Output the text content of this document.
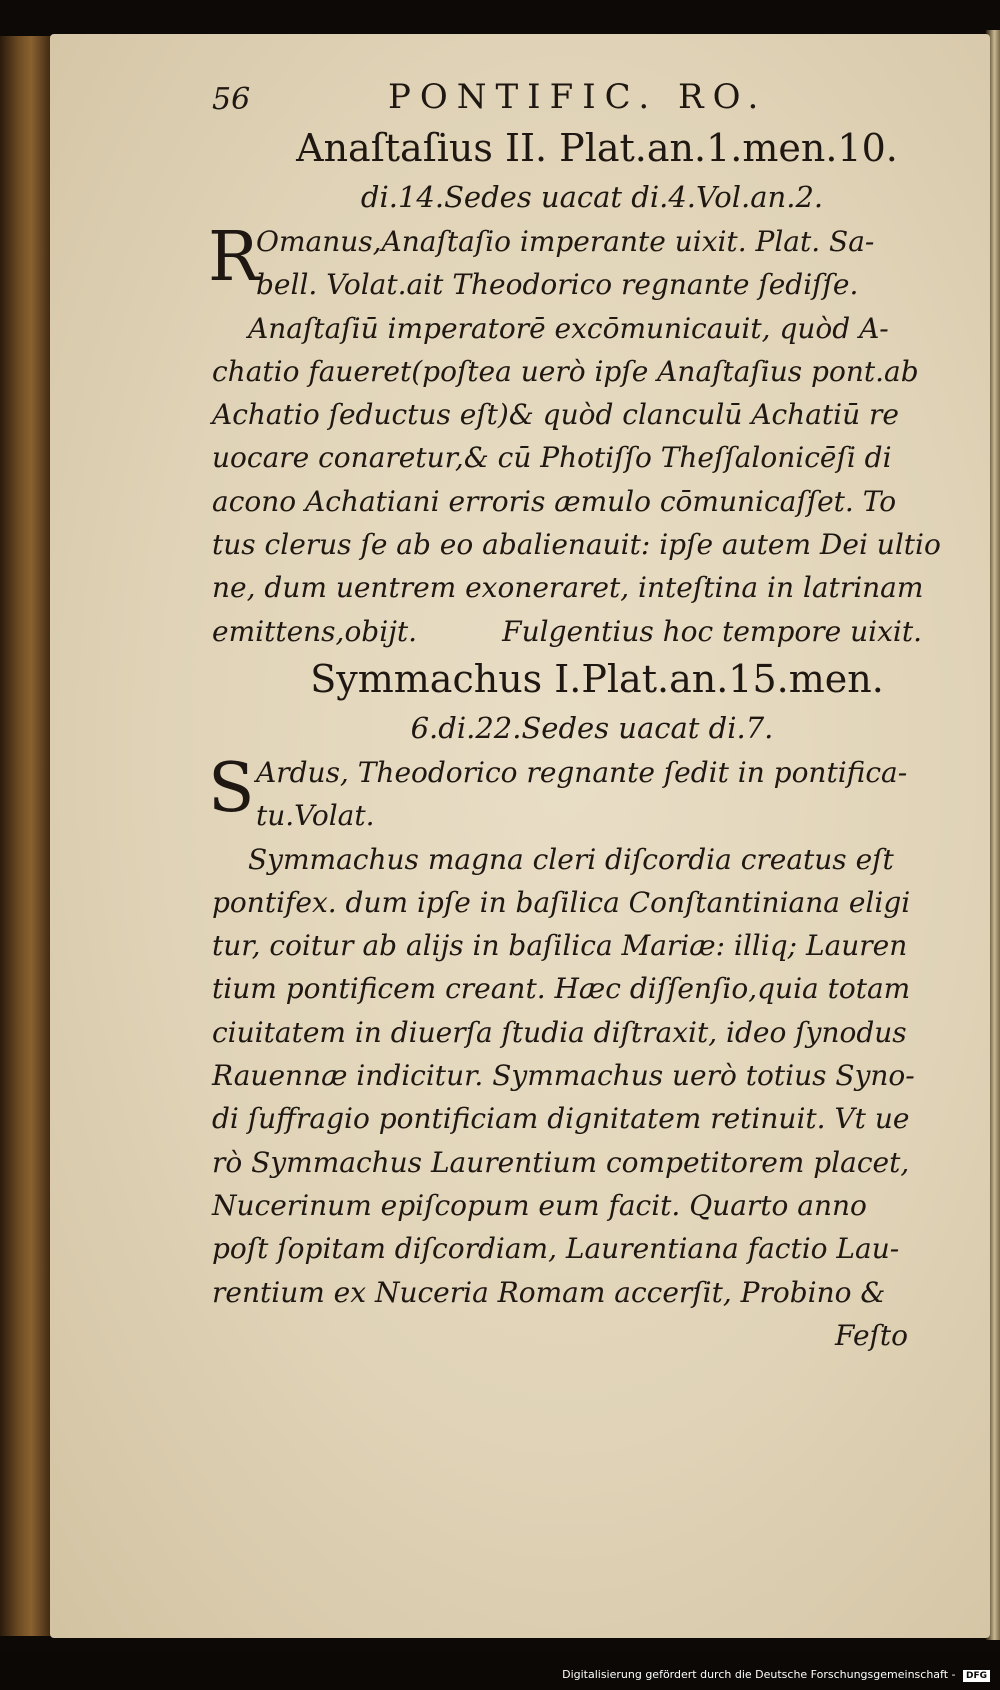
56	PONTIFIC. RO.

Anaſtaſius II. Plat.an.1.men.10.

di.14.Sedes uacat di.4.Vol.an.2.

R

Omanus,Anaſtaſio imperante uixit. Plat. Sa-

bell. Volat.ait Theodorico regnante ſediſſe.

Anaſtaſiū imperatorē excōmunicauit, quòd A-

chatio faueret(poſtea uerò ipſe Anaſtaſius pont.ab

Achatio ſeductus eſt)& quòd clanculū Achatiū re

uocare conaretur,& cū Photiſſo Theſſalonicēſi di

acono Achatiani erroris æmulo cōmunicaſſet. To

tus clerus ſe ab eo abalienauit: ipſe autem Dei ultio

ne, dum uentrem exoneraret, inteſtina in latrinam

emittens,obijt.	Fulgentius hoc tempore uixit.

Symmachus I.Plat.an.15.men.

6.di.22.Sedes uacat di.7.

S Ardus, Theodorico regnante ſedit in pontifica-

tu.Volat.

Symmachus magna cleri diſcordia creatus eſt

pontifex. dum ipſe in baſilica Conſtantiniana eligi

tur, coitur ab alijs in baſilica Mariæ: illiq; Lauren

tium pontificem creant. Hæc diſſenſio,quia totam

ciuitatem in diuerſa ſtudia diſtraxit, ideo ſynodus

Rauennæ indicitur. Symmachus uerò totius Syno-

di ſuffragio pontificiam dignitatem retinuit. Vt ue

rò Symmachus Laurentium competitorem placet,

Nucerinum epiſcopum eum facit. Quarto anno

poſt ſopitam diſcordiam, Laurentiana factio Lau-

rentium ex Nuceria Romam accerſit, Probino &

Feſto

Digitalisierung gefördert durch die Deutsche Forschungsgemeinschaft - DFG
